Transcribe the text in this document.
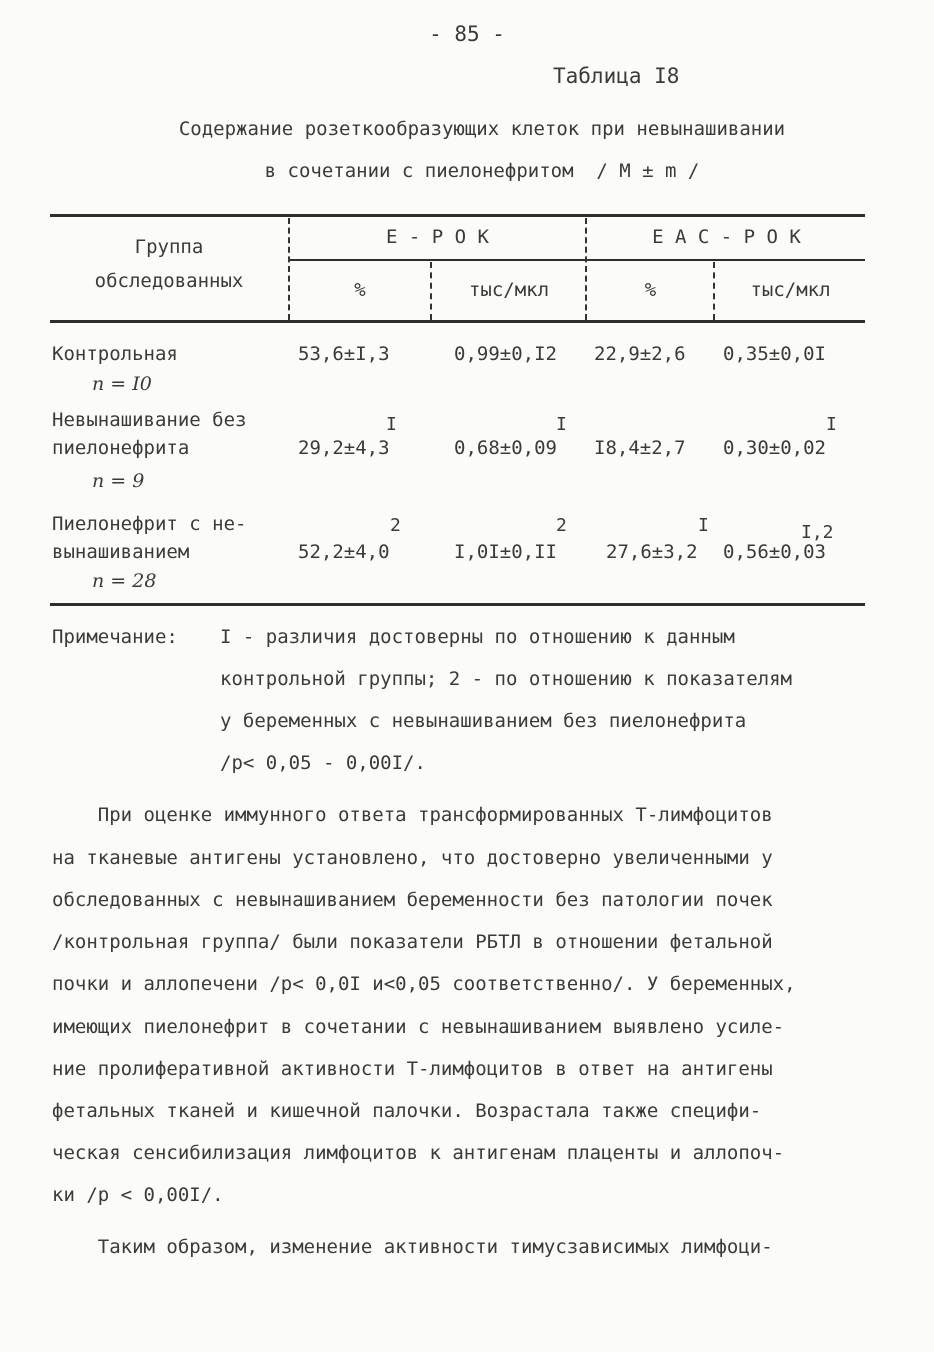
- 85 -
Таблица I8
Содержание розеткообразующих клеток при невынашивании
в сочетании с пиелонефритом  / M ± m /
Группа
обследованных
Е - Р О К	Е А С - Р О К
%	тыс/мкл	%	тыс/мкл
Контрольная
n = I0
53,6±I,3	0,99±0,I2 22,9±2,6 0,35±0,0I
Невынашивание без
пиелонефрита
n = 9
I	I	I
29,2±4,3	0,68±0,09 I8,4±2,7 0,30±0,02
Пиелонефрит с не-
вынашиванием
n = 28
2	2	I	I,2
52,2±4,0	I,0I±0,II	27,6±3,2 0,56±0,03
Примечание: I - различия достоверны по отношению к данным
контрольной группы; 2 - по отношению к показателям
у беременных с невынашиванием без пиелонефрита
/p< 0,05 - 0,00I/.
При оценке иммунного ответа трансформированных Т-лимфоцитов
на тканевые антигены установлено, что достоверно увеличенными у
обследованных с невынашиванием беременности без патологии почек
/контрольная группа/ были показатели РБТЛ в отношении фетальной
почки и аллопечени /p< 0,0I и<0,05 соответственно/. У беременных,
имеющих пиелонефрит в сочетании с невынашиванием выявлено усиле-
ние пролиферативной активности Т-лимфоцитов в ответ на антигены
фетальных тканей и кишечной палочки. Возрастала также специфи-
ческая сенсибилизация лимфоцитов к антигенам плаценты и аллопоч-
ки /p < 0,00I/.
Таким образом, изменение активности тимусзависимых лимфоци-
